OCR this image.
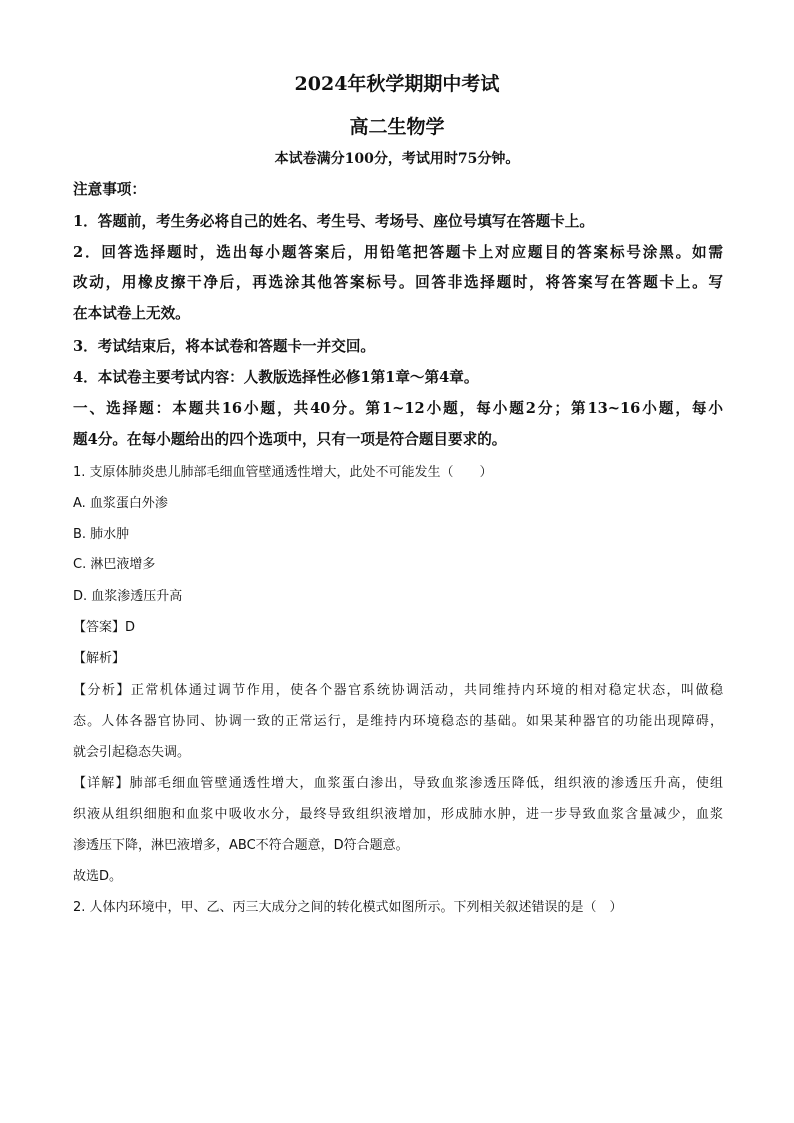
2024年秋学期期中考试
高二生物学
本试卷满分100分，考试用时75分钟。
注意事项：
1．答题前，考生务必将自己的姓名、考生号、考场号、座位号填写在答题卡上。
2．回答选择题时，选出每小题答案后，用铅笔把答题卡上对应题目的答案标号涂黑。如需
改动，用橡皮擦干净后，再选涂其他答案标号。回答非选择题时，将答案写在答题卡上。写
在本试卷上无效。
3．考试结束后，将本试卷和答题卡一并交回。
4．本试卷主要考试内容：人教版选择性必修1第1章～第4章。
一、选择题：本题共16小题，共40分。第1~12小题，每小题2分；第13~16小题，每小
题4分。在每小题给出的四个选项中，只有一项是符合题目要求的。
1. 支原体肺炎患儿肺部毛细血管壁通透性增大，此处不可能发生（　　）
A. 血浆蛋白外渗
B. 肺水肿
C. 淋巴液增多
D. 血浆渗透压升高
【答案】D
【解析】
【分析】正常机体通过调节作用，使各个器官系统协调活动，共同维持内环境的相对稳定状态，叫做稳
态。人体各器官协同、协调一致的正常运行，是维持内环境稳态的基础。如果某种器官的功能出现障碍，
就会引起稳态失调。
【详解】肺部毛细血管壁通透性增大，血浆蛋白渗出，导致血浆渗透压降低，组织液的渗透压升高，使组
织液从组织细胞和血浆中吸收水分，最终导致组织液增加，形成肺水肿，进一步导致血浆含量减少，血浆
渗透压下降，淋巴液增多，ABC不符合题意，D符合题意。
故选D。
2. 人体内环境中，甲、乙、丙三大成分之间的转化模式如图所示。下列相关叙述错误的是（　）
